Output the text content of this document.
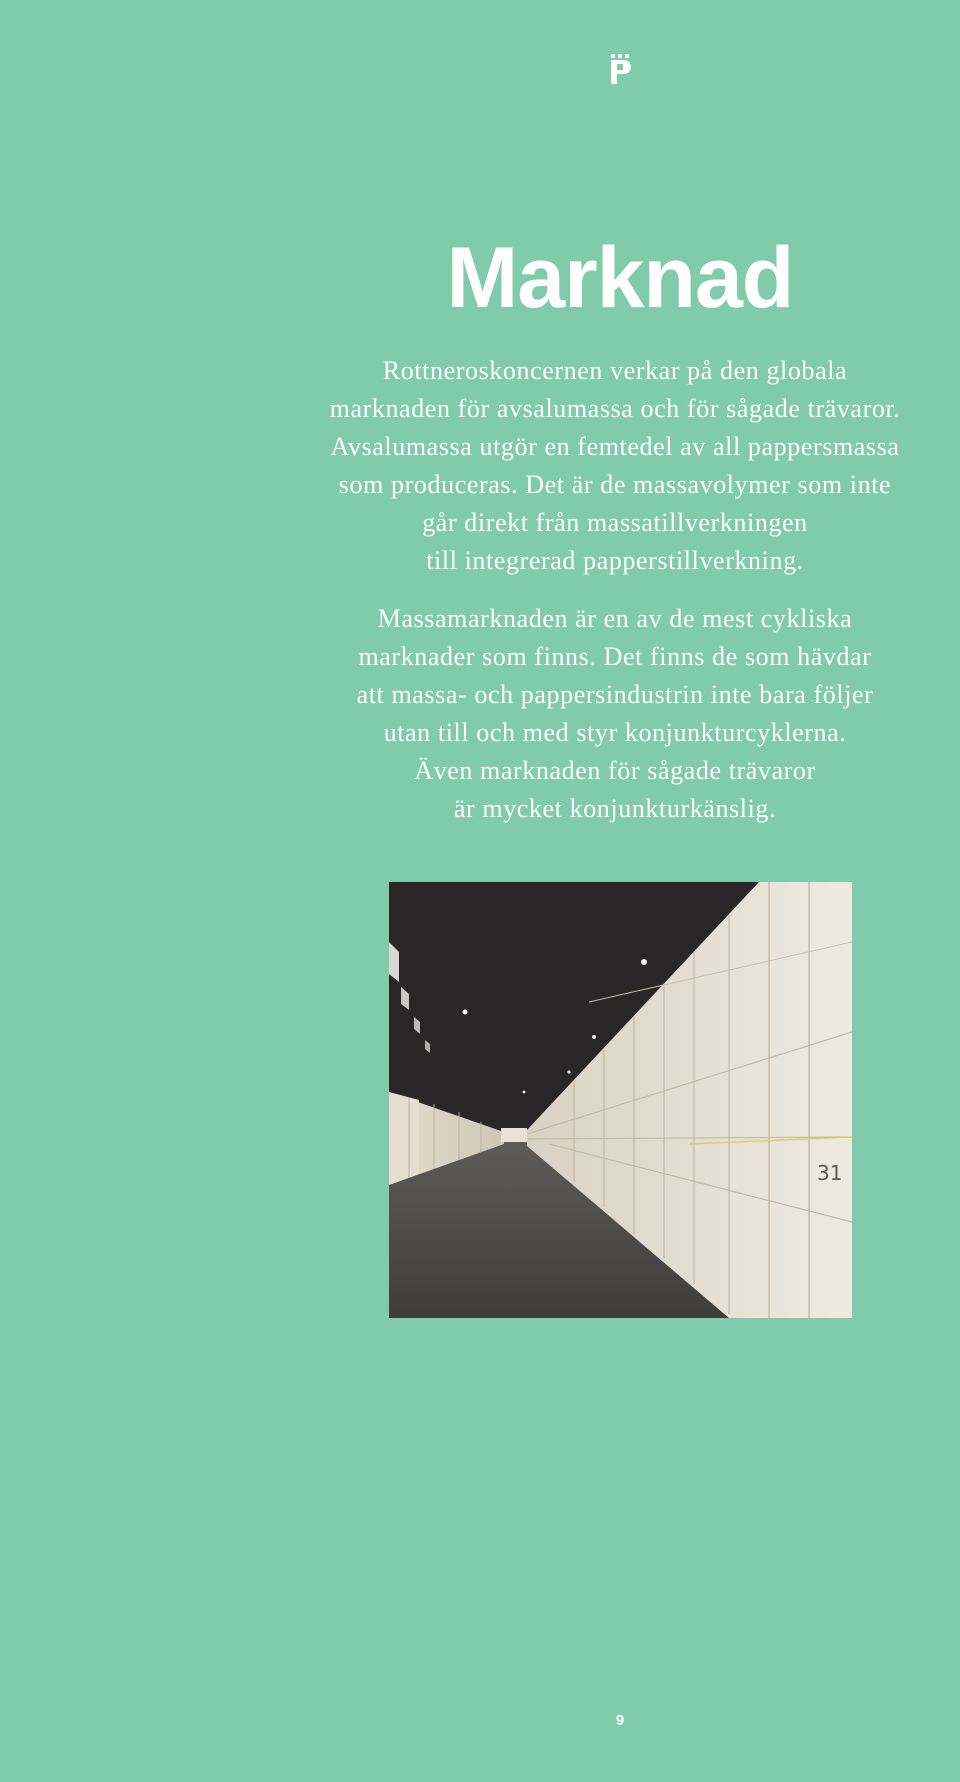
Marknad

Rottneroskoncernen verkar på den globala
marknaden för avsalumassa och för sågade trävaror.
Avsalumassa utgör en femtedel av all pappersmassa
som produceras. Det är de massavolymer som inte
går direkt från massatillverkningen
till integrerad papperstillverkning.

Massamarknaden är en av de mest cykliska
marknader som finns. Det finns de som hävdar
att massa- och pappersindustrin inte bara följer
utan till och med styr konjunkturcyklerna.
Även marknaden för sågade trävaror
är mycket konjunkturkänslig.

31
9
